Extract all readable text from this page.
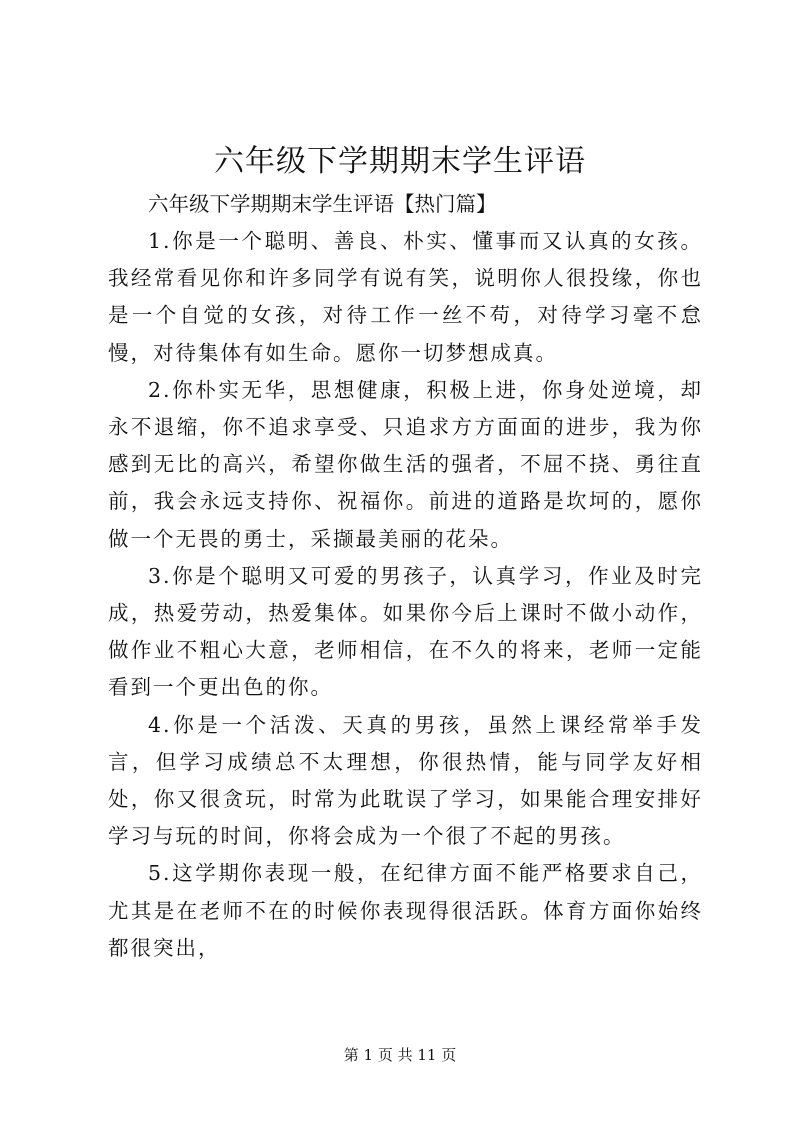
六年级下学期期末学生评语

六年级下学期期末学生评语【热门篇】

1.你是一个聪明、善良、朴实、懂事而又认真的女孩。我经常看见你和许多同学有说有笑，说明你人很投缘，你也是一个自觉的女孩，对待工作一丝不苟，对待学习毫不怠慢，对待集体有如生命。愿你一切梦想成真。

2.你朴实无华，思想健康，积极上进，你身处逆境，却永不退缩，你不追求享受、只追求方方面面的进步，我为你感到无比的高兴，希望你做生活的强者，不屈不挠、勇往直前，我会永远支持你、祝福你。前进的道路是坎坷的，愿你做一个无畏的勇士，采撷最美丽的花朵。

3.你是个聪明又可爱的男孩子，认真学习，作业及时完成，热爱劳动，热爱集体。如果你今后上课时不做小动作，做作业不粗心大意，老师相信，在不久的将来，老师一定能看到一个更出色的你。

4.你是一个活泼、天真的男孩，虽然上课经常举手发言，但学习成绩总不太理想，你很热情，能与同学友好相处，你又很贪玩，时常为此耽误了学习，如果能合理安排好学习与玩的时间，你将会成为一个很了不起的男孩。

5.这学期你表现一般，在纪律方面不能严格要求自己，尤其是在老师不在的时候你表现得很活跃。体育方面你始终都很突出，

第 1 页 共 11 页
